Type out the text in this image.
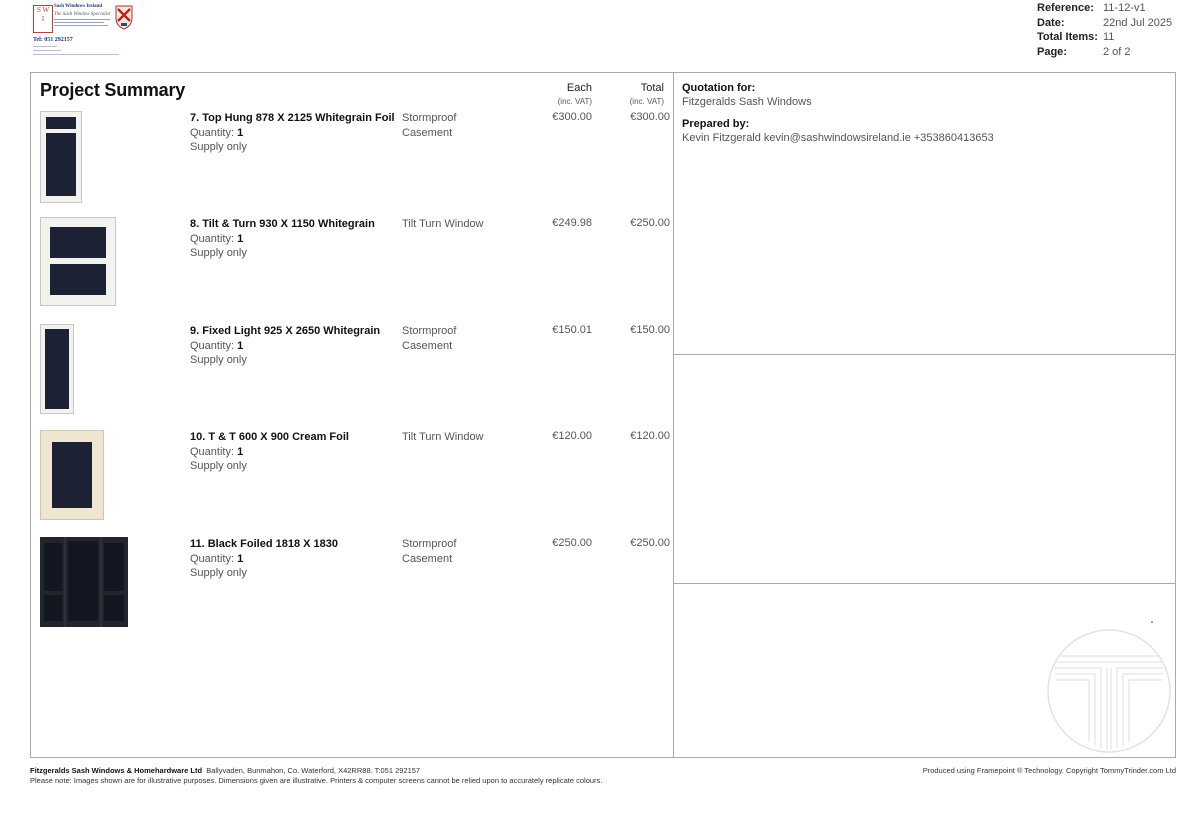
S W
I
Sash Windows Ireland
The Sash Window Specialist
Tel: 051 292157
Reference: 11-12-v1
Date:	22nd Jul 2025
Total Items: 11
Page:	2 of 2
Project Summary	Each
(inc. VAT)
Total
(inc. VAT)
7. Top Hung 878 X 2125 Whitegrain Foil
Quantity: 1
Supply only
Stormproof
Casement
€300.00	€300.00
8. Tilt & Turn 930 X 1150 Whitegrain
Quantity: 1
Supply only
Tilt Turn Window	€249.98	€250.00
9. Fixed Light 925 X 2650 Whitegrain
Quantity: 1
Supply only
Stormproof
Casement
€150.01	€150.00
10. T & T 600 X 900 Cream Foil
Quantity: 1
Supply only
Tilt Turn Window	€120.00	€120.00
11. Black Foiled 1818 X 1830
Quantity: 1
Supply only
Stormproof
Casement
€250.00	€250.00
Quotation for:
Fitzgeralds Sash Windows
Prepared by:
Kevin Fitzgerald kevin@sashwindowsireland.ie +353860413653
Fitzgeralds Sash Windows & Homehardware Ltd Ballyvaden, Bunmahon, Co. Waterford, X42RR88. T:051 292157
Please note: Images shown are for illustrative purposes. Dimensions given are illustrative. Printers & computer screens cannot be relied upon to accurately replicate colours.
Produced using Framepoint ® Technology. Copyright TommyTrinder.com Ltd
